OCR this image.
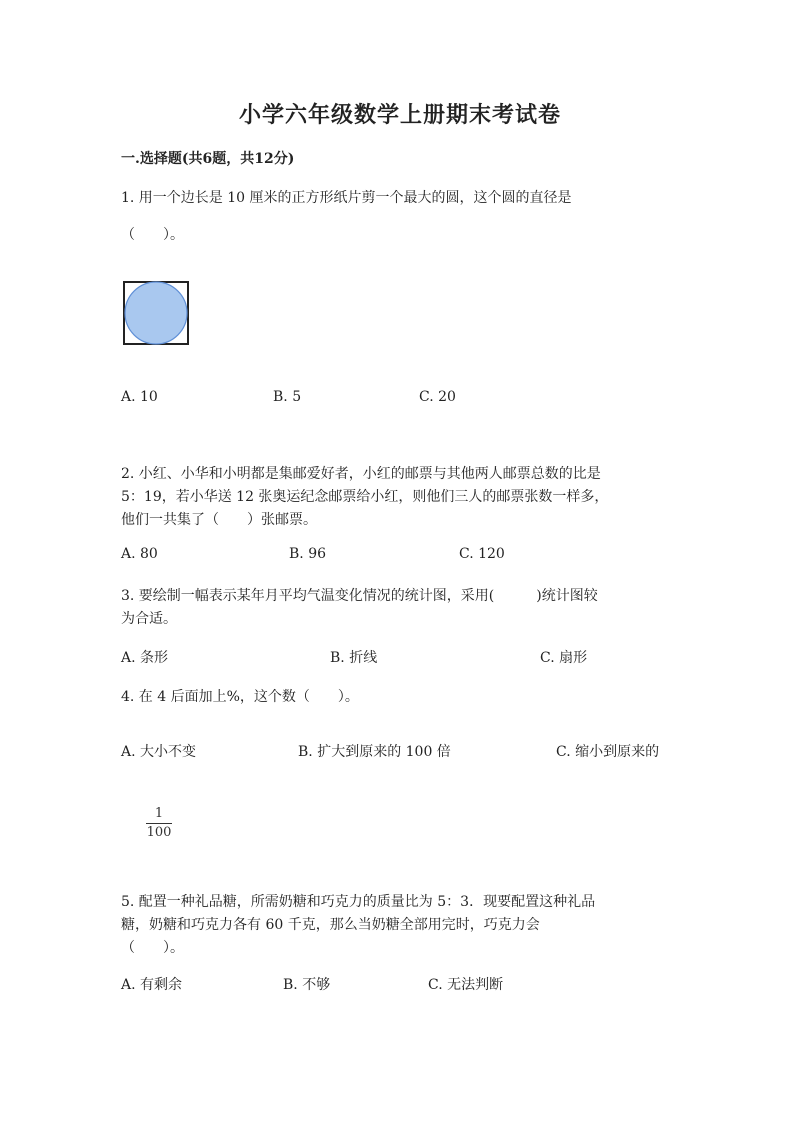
小学六年级数学上册期末考试卷
一.选择题(共6题，共12分)
1. 用一个边长是 10 厘米的正方形纸片剪一个最大的圆，这个圆的直径是
（　　）。
A. 10	B. 5	C. 20
2. 小红、小华和小明都是集邮爱好者，小红的邮票与其他两人邮票总数的比是
5：19，若小华送 12 张奥运纪念邮票给小红，则他们三人的邮票张数一样多，
他们一共集了（　　）张邮票。
A. 80	B. 96	C. 120
3. 要绘制一幅表示某年月平均气温变化情况的统计图，采用(　　　)统计图较
为合适。
A. 条形	B. 折线	C. 扇形
4. 在 4 后面加上%，这个数（　　）。
A. 大小不变	B. 扩大到原来的 100 倍	C. 缩小到原来的
1
100
5. 配置一种礼品糖，所需奶糖和巧克力的质量比为 5：3．现要配置这种礼品
糖，奶糖和巧克力各有 60 千克，那么当奶糖全部用完时，巧克力会
（　　）。
A. 有剩余	B. 不够	C. 无法判断
